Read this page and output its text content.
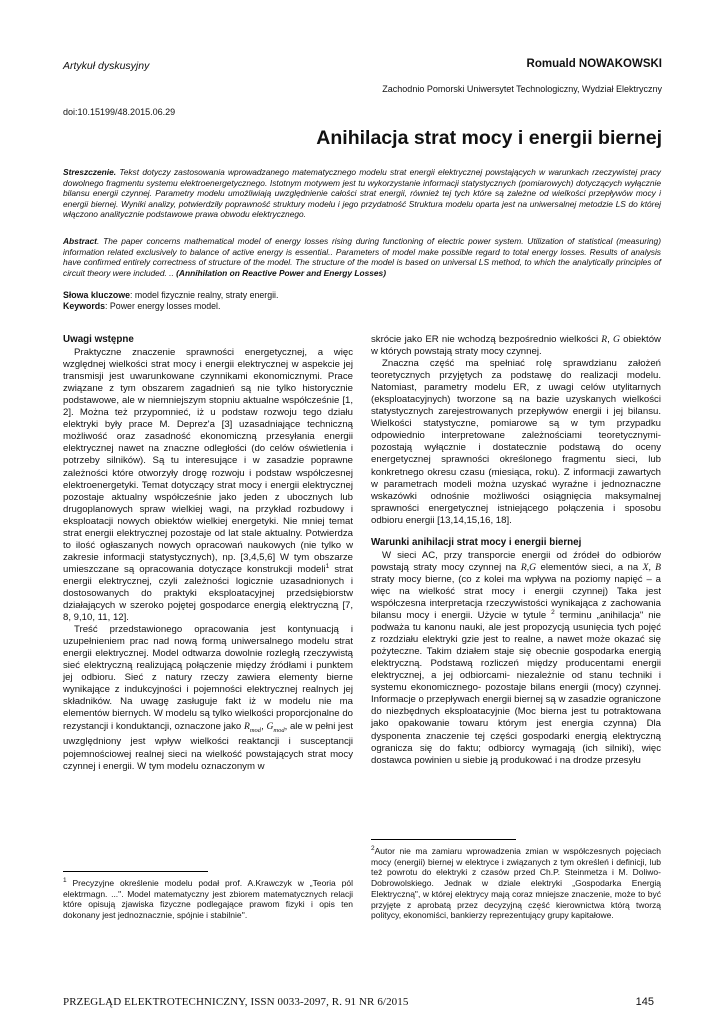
Artykuł dyskusyjny	Romuald NOWAKOWSKI
Zachodnio Pomorski Uniwersytet Technologiczny, Wydział Elektryczny
doi:10.15199/48.2015.06.29
Anihilacja strat mocy i energii biernej

Streszczenie. Tekst dotyczy zastosowania wprowadzanego matematycznego modelu strat energii elektrycznej powstających w warunkach rzeczywistej pracy dowolnego fragmentu systemu elektroenergetycznego. Istotnym motywem jest tu wykorzystanie informacji statystycznych (pomiarowych) dotyczących wyłącznie bilansu energii czynnej. Parametry modelu umożliwiają uwzględnienie całości strat energii, również tej tych które są zależne od wielkości przepływów mocy i energii biernej. Wyniki analizy, potwierdziły poprawność struktury modelu i jego przydatność Struktura modelu oparta jest na uniwersalnej metodzie LS do której włączono analitycznie podstawowe prawa obwodu elektrycznego.

Abstract. The paper concerns mathematical model of energy losses rising during functioning of electric power system. Utilization of statistical (measuring) information related exclusively to balance of active energy is essential.. Parameters of model make possible regard to total energy losses. Results of analysis have confirmed entirely correctness of structure of the model. The structure of the model is based on universal LS method, to which the analytically principles of circuit theory were included. .. (Annihilation on Reactive Power and Energy Losses)

Słowa kluczowe: model fizycznie realny, straty energii.
Keywords: Power energy losses model.
Uwagi wstępne

Praktyczne znaczenie sprawności energetycznej, a więc względnej wielkości strat mocy i energii elektrycznej w aspekcie jej transmisji jest uwarunkowane czynnikami ekonomicznymi. Prace związane z tym obszarem zagadnień są nie tylko historycznie podstawowe, ale w niemniejszym stopniu aktualne współcześnie [1, 2]. Można też przypomnieć, iż u podstaw rozwoju tego działu elektryki były prace M. Deprez'a [3] uzasadniające techniczną możliwość oraz zasadność ekonomiczną przesyłania energii elektrycznej nawet na znaczne odległości (do celów oświetlenia i potrzeby silników). Są tu interesujące i w zasadzie poprawne zależności które otworzyły drogę rozwoju i podstaw współczesnej elektroenergetyki. Temat dotyczący strat mocy i energii elektrycznej pozostaje aktualny współcześnie jako jeden z ubocznych lub drugoplanowych spraw wielkiej wagi, na przykład rozbudowy i eksploatacji nowych obiektów wielkiej energetyki. Nie mniej temat strat energii elektrycznej pozostaje od lat stale aktualny. Potwierdza to ilość ogłaszanych nowych opracowań naukowych (nie tylko w zakresie informacji statystycznych), np. [3,4,5,6] W tym obszarze umieszczane są opracowania dotyczące konstrukcji modeli$^1$ strat energii elektrycznej, czyli zależności logicznie uzasadnionych i dostosowanych do praktyki eksploatacyjnej przedsiębiorstw działających w szeroko pojętej gospodarce energią elektryczną [7, 8, 9,10, 11, 12].

Treść przedstawionego opracowania jest kontynuacją i uzupełnieniem prac nad nową formą uniwersalnego modelu strat energii elektrycznej. Model odtwarza dowolnie rozległą rzeczywistą sieć elektryczną realizującą połączenie między źródłami i punktem jej odbioru. Sieć z natury rzeczy zawiera elementy bierne wynikające z indukcyjności i pojemności elektrycznej realnych jej składników. Na uwagę zasługuje fakt iż w modelu nie ma elementów biernych. W modelu są tylko wielkości proporcjonalne do rezystancji i konduktancji, oznaczone jako $R_{mod}$, $G_{mod}$, ale w pełni jest uwzględniony jest wpływ wielkości reaktancji i susceptancji pojemnościowej realnej sieci na wielkość powstających strat mocy czynnej i energii. W tym modelu oznaczonym w

$^1$ Precyzyjne określenie modelu podał prof. A.Krawczyk w „Teoria pól elektrmagn. ...". Model matematyczny jest zbiorem matematycznych relacji które opisują zjawiska fizyczne podlegające prawom fizyki i opis ten dokonany jest jednoznacznie, spójnie i stabilnie''.

skrócie jako ER nie wchodzą bezpośrednio wielkości R, G obiektów w których powstają straty mocy czynnej.

Znaczna część ma spełniać rolę sprawdzianu założeń teoretycznych przyjętych za podstawę do realizacji modelu. Natomiast, parametry modelu ER, z uwagi celów utylitarnych (eksploatacyjnych) tworzone są na bazie uzyskanych wielkości statystycznych zarejestrowanych przepływów energii i jej bilansu. Wielkości statystyczne, pomiarowe są w tym przypadku odpowiednio interpretowane zależnościami teoretycznymi- pozostają wyłącznie i dostatecznie podstawą do oceny energetycznej sprawności określonego fragmentu sieci, lub konkretnego okresu czasu (miesiąca, roku). Z informacji zawartych w parametrach modeli można uzyskać wyraźne i jednoznaczne wskazówki odnośnie możliwości osiągnięcia maksymalnej sprawności energetycznej istniejącego połączenia i sposobu odbioru energii [13,14,15,16, 18].

Warunki anihilacji strat mocy i energii biernej

W sieci AC, przy transporcie energii od źródeł do odbiorów powstają straty mocy czynnej na R,G elementów sieci, a na X, B straty mocy bierne, (co z kolei ma wpływa na poziomy napięć – a więc na wielkość strat mocy i energii czynnej) Taka jest współczesna interpretacja rzeczywistości wynikająca z zachowania bilansu mocy i energii. Użycie w tytule $^2$ terminu „anihilacja" nie podważa tu kanonu nauki, ale jest propozycją usunięcia tych pojęć z rozdziału elektryki gzie jest to realne, a nawet może okazać się pożyteczne. Takim działem staje się obecnie gospodarka energią elektryczną. Podstawą rozliczeń między producentami energii elektrycznej, a jej odbiorcami- niezależnie od stanu techniki i systemu ekonomicznego- pozostaje bilans energii (mocy) czynnej. Informacje o przepływach energii biernej są w zasadzie ograniczone do niezbędnych eksploatacyjnie (Moc bierna jest tu potraktowana jako opakowanie towaru którym jest energia czynna) Dla dysponenta znaczenie tej części gospodarki energią elektryczną ogranicza się do faktu; odbiorcy wymagają (ich silniki), więc dostawca powinien u siebie ją produkować i na drodze przesyłu

$^2$Autor nie ma zamiaru wprowadzenia zmian w współczesnych pojęciach mocy (energii) biernej w elektryce i związanych z tym określeń i definicji, lub też powrotu do elektryki z czasów przed Ch.P. Steinmetza i M. Doliwo- Dobrowolskiego. Jednak w dziale elektryki „Gospodarka Energią Elektryczną", w której elektrycy mają coraz mniejsze znaczenie, może to być przyjęte z aprobatą przez decyzyjną część kierownictwa którą tworzą politycy, ekonomiści, bankierzy reprezentujący grupy kapitałowe.

PRZEGLĄD ELEKTROTECHNICZNY, ISSN 0033-2097, R. 91 NR 6/2015	145
